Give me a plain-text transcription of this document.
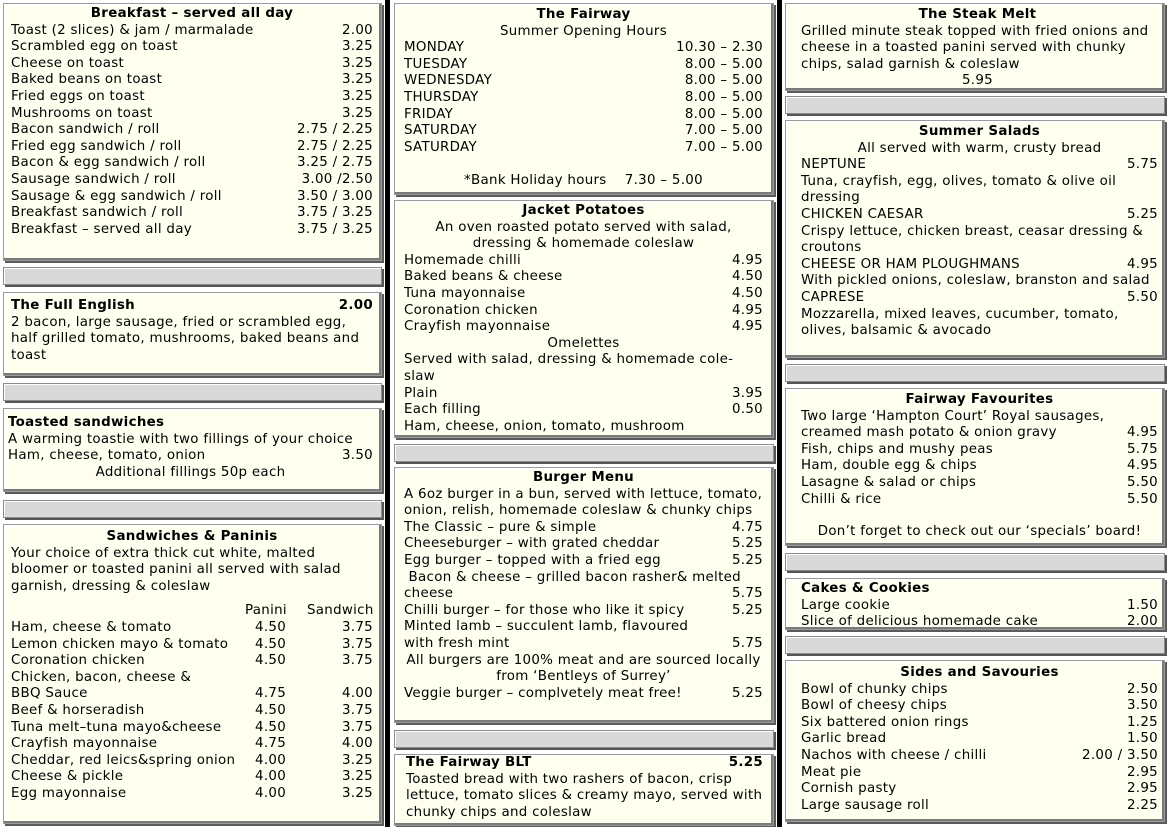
Breakfast – served all day
Toast (2 slices) & jam / marmalade	2.00
Scrambled egg on toast	3.25
Cheese on toast	3.25
Baked beans on toast	3.25
Fried eggs on toast	3.25
Mushrooms on toast	3.25
Bacon sandwich / roll	2.75 / 2.25
Fried egg sandwich / roll	2.75 / 2.25
Bacon & egg sandwich / roll	3.25 / 2.75
Sausage sandwich / roll	3.00 /2.50
Sausage & egg sandwich / roll	3.50 / 3.00
Breakfast sandwich / roll	3.75 / 3.25
Breakfast – served all day	3.75 / 3.25
The Full English	2.00
2 bacon, large sausage, fried or scrambled egg, half grilled tomato, mushrooms, baked beans and toast
Toasted sandwiches
A warming toastie with two fillings of your choice
Ham, cheese, tomato, onion	3.50
Additional fillings 50p each
Sandwiches & Paninis
Your choice of extra thick cut white, malted bloomer or toasted panini all served with salad garnish, dressing & coleslaw
Panini	Sandwich
Ham, cheese & tomato	4.50	3.75
Lemon chicken mayo & tomato	4.50	3.75
Coronation chicken	4.50	3.75
Chicken, bacon, cheese &
BBQ Sauce	4.75	4.00
Beef & horseradish	4.50	3.75
Tuna melt–tuna mayo&cheese	4.50	3.75
Crayfish mayonnaise	4.75	4.00
Cheddar, red leics&spring onion	4.00	3.25
Cheese & pickle	4.00	3.25
Egg mayonnaise	4.00	3.25
The Fairway
Summer Opening Hours
MONDAY	10.30 – 2.30
TUESDAY	8.00 – 5.00
WEDNESDAY	8.00 – 5.00
THURSDAY	8.00 – 5.00
FRIDAY	8.00 – 5.00
SATURDAY	7.00 – 5.00
SATURDAY	7.00 – 5.00
*Bank Holiday hours    7.30 – 5.00
Jacket Potatoes
An oven roasted potato served with salad, dressing & homemade coleslaw
Homemade chilli	4.95
Baked beans & cheese	4.50
Tuna mayonnaise	4.50
Coronation chicken	4.95
Crayfish mayonnaise	4.95
Omelettes
Served with salad, dressing & homemade cole-slaw
Plain	3.95
Each filling	0.50
Ham, cheese, onion, tomato, mushroom
Burger Menu
A 6oz burger in a bun, served with lettuce, tomato, onion, relish, homemade coleslaw & chunky chips
The Classic – pure & simple	4.75
Cheeseburger – with grated cheddar	5.25
Egg burger – topped with a fried egg	5.25
Bacon & cheese – grilled bacon rasher& melted
cheese	5.75
Chilli burger – for those who like it spicy	5.25
Minted lamb – succulent lamb, flavoured
with fresh mint	5.75
All burgers are 100% meat and are sourced locally from ‘Bentleys of Surrey’
Veggie burger – complvetely meat free!	5.25
The Fairway BLT	5.25
Toasted bread with two rashers of bacon, crisp lettuce, tomato slices & creamy mayo, served with chunky chips and coleslaw
The Steak Melt
Grilled minute steak topped with fried onions and cheese in a toasted panini served with chunky chips, salad garnish & coleslaw
5.95
Summer Salads
All served with warm, crusty bread
NEPTUNE	5.75
Tuna, crayfish, egg, olives, tomato & olive oil dressing
CHICKEN CAESAR	5.25
Crispy lettuce, chicken breast, ceasar dressing & croutons
CHEESE OR HAM PLOUGHMANS	4.95
With pickled onions, coleslaw, branston and salad
CAPRESE	5.50
Mozzarella, mixed leaves, cucumber, tomato, olives, balsamic & avocado
Fairway Favourites
Two large ‘Hampton Court’ Royal sausages,
creamed mash potato & onion gravy	4.95
Fish, chips and mushy peas	5.75
Ham, double egg & chips	4.95
Lasagne & salad or chips	5.50
Chilli & rice	5.50
Don’t forget to check out our ‘specials’ board!
Cakes & Cookies
Large cookie	1.50
Slice of delicious homemade cake	2.00
Sides and Savouries
Bowl of chunky chips	2.50
Bowl of cheesy chips	3.50
Six battered onion rings	1.25
Garlic bread	1.50
Nachos with cheese / chilli	2.00 / 3.50
Meat pie	2.95
Cornish pasty	2.95
Large sausage roll	2.25
